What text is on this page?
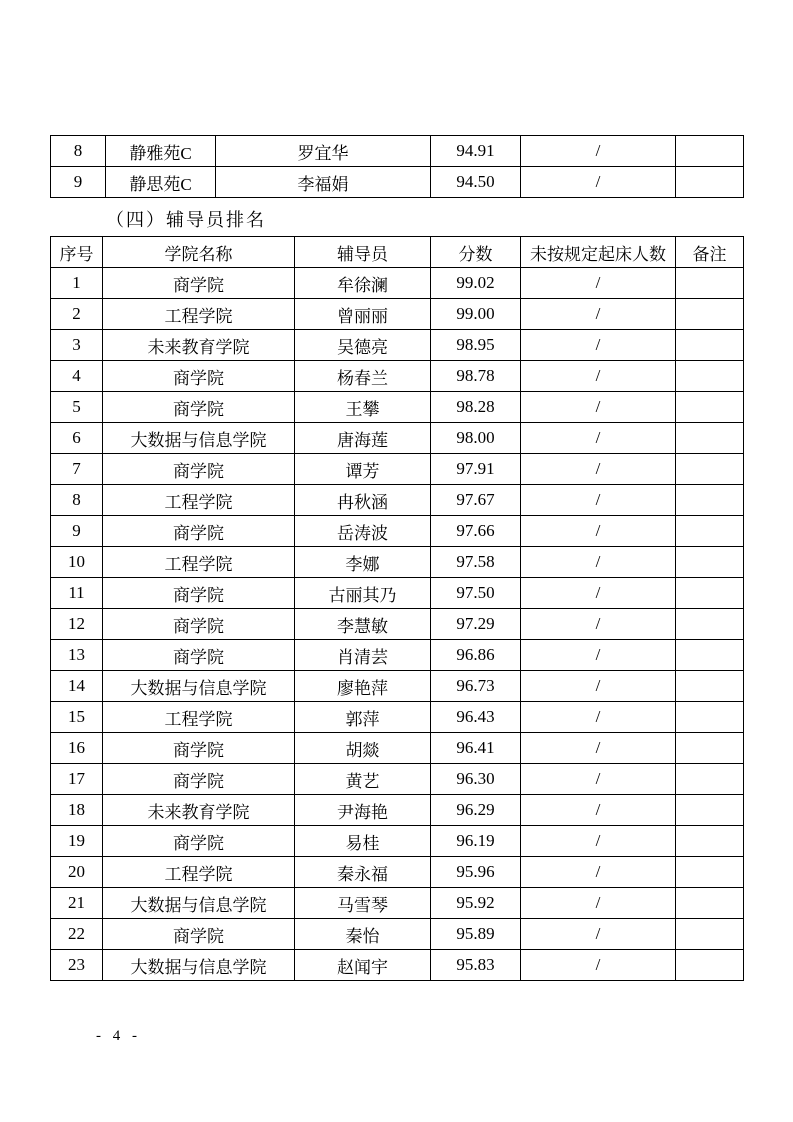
8	静雅苑C	罗宜华	94.91	/	
9	静思苑C	李福娟	94.50	/	
（四）辅导员排名
序号	学院名称	辅导员	分数	未按规定起床人数	备注
1	商学院	牟徐澜	99.02	/	
2	工程学院	曾丽丽	99.00	/	
3	未来教育学院	吴德亮	98.95	/	
4	商学院	杨春兰	98.78	/	
5	商学院	王攀	98.28	/	
6	大数据与信息学院	唐海莲	98.00	/	
7	商学院	谭芳	97.91	/	
8	工程学院	冉秋涵	97.67	/	
9	商学院	岳涛波	97.66	/	
10	工程学院	李娜	97.58	/	
11	商学院	古丽其乃	97.50	/	
12	商学院	李慧敏	97.29	/	
13	商学院	肖清芸	96.86	/	
14	大数据与信息学院	廖艳萍	96.73	/	
15	工程学院	郭萍	96.43	/	
16	商学院	胡燚	96.41	/	
17	商学院	黄艺	96.30	/	
18	未来教育学院	尹海艳	96.29	/	
19	商学院	易桂	96.19	/	
20	工程学院	秦永福	95.96	/	
21	大数据与信息学院	马雪琴	95.92	/	
22	商学院	秦怡	95.89	/	
23	大数据与信息学院	赵闻宇	95.83	/	
- 4 -
